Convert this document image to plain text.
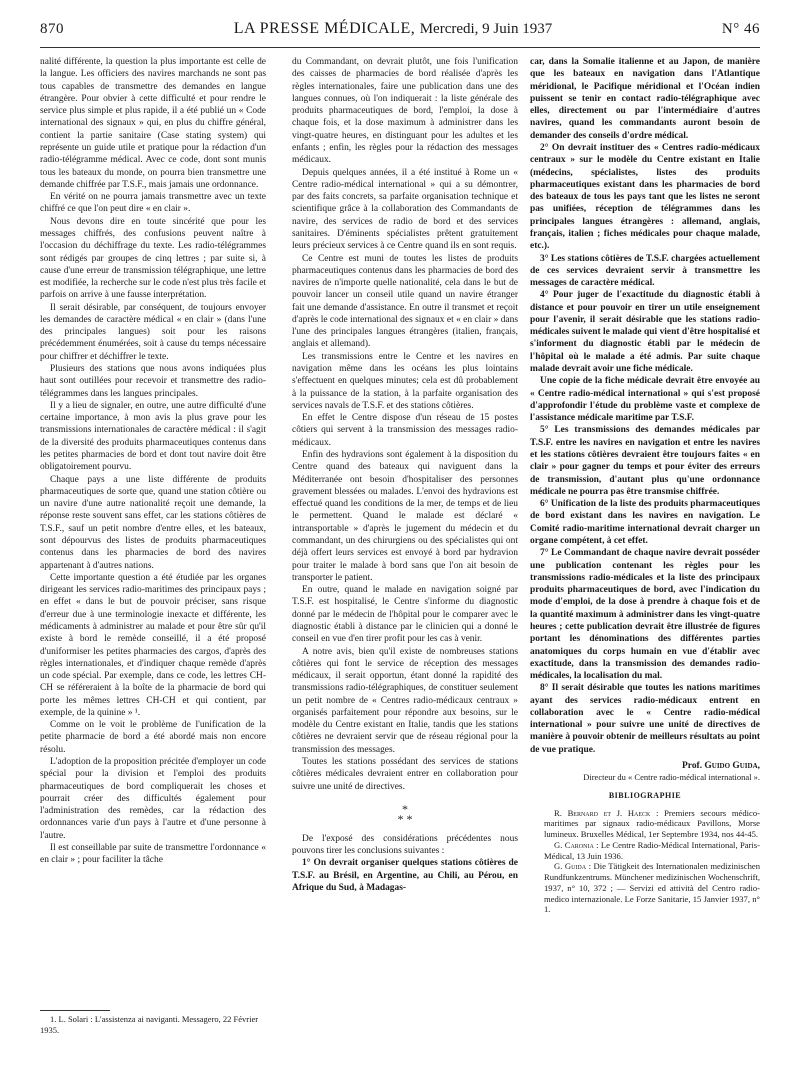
870	LA PRESSE MÉDICALE, Mercredi, 9 Juin 1937	N° 46

nalité différente, la question la plus importante est celle de la langue. Les officiers des navires marchands ne sont pas tous capables de transmettre des demandes en langue étrangère. Pour obvier à cette difficulté et pour rendre le service plus simple et plus rapide, il a été publié un « Code international des signaux » qui, en plus du chiffre général, contient la partie sanitaire (Case stating system) qui représente un guide utile et pratique pour la rédaction d'un radio-télégramme médical. Avec ce code, dont sont munis tous les bateaux du monde, on pourra bien transmettre une demande chiffrée par T.S.F., mais jamais une ordonnance.

En vérité on ne pourra jamais transmettre avec un texte chiffré ce que l'on peut dire « en clair ».

Nous devons dire en toute sincérité que pour les messages chiffrés, des confusions peuvent naître à l'occasion du déchiffrage du texte. Les radio-télégrammes sont rédigés par groupes de cinq lettres ; par suite si, à cause d'une erreur de transmission télégraphique, une lettre est modifiée, la recherche sur le code n'est plus très facile et parfois on arrive à une fausse interprétation.

Il serait désirable, par conséquent, de toujours envoyer les demandes de caractère médical « en clair » (dans l'une des principales langues) soit pour les raisons précédemment énumérées, soit à cause du temps nécessaire pour chiffrer et déchiffrer le texte.

Plusieurs des stations que nous avons indiquées plus haut sont outillées pour recevoir et transmettre des radio-télégrammes dans les langues principales.

Il y a lieu de signaler, en outre, une autre difficulté d'une certaine importance, à mon avis la plus grave pour les transmissions internationales de caractère médical : il s'agit de la diversité des produits pharmaceutiques contenus dans les petites pharmacies de bord et dont tout navire doit être obligatoirement pourvu.

Chaque pays a une liste différente de produits pharmaceutiques de sorte que, quand une station côtière ou un navire d'une autre nationalité reçoit une demande, la réponse reste souvent sans effet, car les stations côtières de T.S.F., sauf un petit nombre d'entre elles, et les bateaux, sont dépourvus des listes de produits pharmaceutiques contenus dans les pharmacies de bord des navires appartenant à d'autres nations.

Cette importante question a été étudiée par les organes dirigeant les services radio-maritimes des principaux pays ; en effet « dans le but de pouvoir préciser, sans risque d'erreur due à une terminologie inexacte et différente, les médicaments à administrer au malade et pour être sûr qu'il existe à bord le remède conseillé, il a été proposé d'uniformiser les petites pharmacies des cargos, d'après des règles internationales, et d'indiquer chaque remède d'après un code spécial. Par exemple, dans ce code, les lettres CH-CH se référeraient à la boîte de la pharmacie de bord qui porte les mêmes lettres CH-CH et qui contient, par exemple, de la quinine » ¹.

Comme on le voit le problème de l'unification de la petite pharmacie de bord a été abordé mais non encore résolu.

L'adoption de la proposition précitée d'employer un code spécial pour la division et l'emploi des produits pharmaceutiques de bord compliquerait les choses et pourrait créer des difficultés également pour l'administration des remèdes, car la rédaction des ordonnances varie d'un pays à l'autre et d'une personne à l'autre.

Il est conseillable par suite de transmettre l'ordonnance « en clair » ; pour faciliter la tâche

1. L. Solari : L'assistenza ai naviganti. Messagero, 22 Février 1935.

du Commandant, on devrait plutôt, une fois l'unification des caisses de pharmacies de bord réalisée d'après les règles internationales, faire une publication dans une des langues connues, où l'on indiquerait : la liste générale des produits pharmaceutiques de bord, l'emploi, la dose à chaque fois, et la dose maximum à administrer dans les vingt-quatre heures, en distinguant pour les adultes et les enfants ; enfin, les règles pour la rédaction des messages médicaux.

Depuis quelques années, il a été institué à Rome un « Centre radio-médical international » qui a su démontrer, par des faits concrets, sa parfaite organisation technique et scientifique grâce à la collaboration des Commandants de navire, des services de radio de bord et des services sanitaires. D'éminents spécialistes prêtent gratuitement leurs précieux services à ce Centre quand ils en sont requis.

Ce Centre est muni de toutes les listes de produits pharmaceutiques contenus dans les pharmacies de bord des navires de n'importe quelle nationalité, cela dans le but de pouvoir lancer un conseil utile quand un navire étranger fait une demande d'assistance. En outre il transmet et reçoit d'après le code international des signaux et « en clair » dans l'une des principales langues étrangères (italien, français, anglais et allemand).

Les transmissions entre le Centre et les navires en navigation même dans les océans les plus lointains s'effectuent en quelques minutes; cela est dû probablement à la puissance de la station, à la parfaite organisation des services navals de T.S.F. et des stations côtières.

En effet le Centre dispose d'un réseau de 15 postes côtiers qui servent à la transmission des messages radio-médicaux.

Enfin des hydravions sont également à la disposition du Centre quand des bateaux qui naviguent dans la Méditerranée ont besoin d'hospitaliser des personnes gravement blessées ou malades. L'envoi des hydravions est effectué quand les conditions de la mer, de temps et de lieu le permettent. Quand le malade est déclaré « intransportable » d'après le jugement du médecin et du commandant, un des chirurgiens ou des spécialistes qui ont déjà offert leurs services est envoyé à bord par hydravion pour traiter le malade à bord sans que l'on ait besoin de transporter le patient.

En outre, quand le malade en navigation soigné par T.S.F. est hospitalisé, le Centre s'informe du diagnostic donné par le médecin de l'hôpital pour le comparer avec le diagnostic établi à distance par le clinicien qui a donné le conseil en vue d'en tirer profit pour les cas à venir.

A notre avis, bien qu'il existe de nombreuses stations côtières qui font le service de réception des messages médicaux, il serait opportun, étant donné la rapidité des transmissions radio-télégraphiques, de constituer seulement un petit nombre de « Centres radio-médicaux centraux » organisés parfaitement pour répondre aux besoins, sur le modèle du Centre existant en Italie, tandis que les stations côtières ne devraient servir que de réseau régional pour la transmission des messages.

Toutes les stations possédant des services de stations côtières médicales devraient entrer en collaboration pour suivre une unité de directives.

*
* *

De l'exposé des considérations précédentes nous pouvons tirer les conclusions suivantes :

1° On devrait organiser quelques stations côtières de T.S.F. au Brésil, en Argentine, au Chili, au Pérou, en Afrique du Sud, à Madagas-

car, dans la Somalie italienne et au Japon, de manière que les bateaux en navigation dans l'Atlantique méridional, le Pacifique méridional et l'Océan indien puissent se tenir en contact radio-télégraphique avec elles, directement ou par l'intermédiaire d'autres navires, quand les commandants auront besoin de demander des conseils d'ordre médical.

2° On devrait instituer des « Centres radio-médicaux centraux » sur le modèle du Centre existant en Italie (médecins, spécialistes, listes des produits pharmaceutiques existant dans les pharmacies de bord des bateaux de tous les pays tant que les listes ne seront pas unifiées, réception de télégrammes dans les principales langues étrangères : allemand, anglais, français, italien ; fiches médicales pour chaque malade, etc.).

3° Les stations côtières de T.S.F. chargées actuellement de ces services devraient servir à transmettre les messages de caractère médical.

4° Pour juger de l'exactitude du diagnostic établi à distance et pour pouvoir en tirer un utile enseignement pour l'avenir, il serait désirable que les stations radio-médicales suivent le malade qui vient d'être hospitalisé et s'informent du diagnostic établi par le médecin de l'hôpital où le malade a été admis. Par suite chaque malade devrait avoir une fiche médicale.

Une copie de la fiche médicale devrait être envoyée au « Centre radio-médical international » qui s'est proposé d'approfondir l'étude du problème vaste et complexe de l'assistance médicale maritime par T.S.F.

5° Les transmissions des demandes médicales par T.S.F. entre les navires en navigation et entre les navires et les stations côtières devraient être toujours faites « en clair » pour gagner du temps et pour éviter des erreurs de transmission, d'autant plus qu'une ordonnance médicale ne pourra pas être transmise chiffrée.

6° Unification de la liste des produits pharmaceutiques de bord existant dans les navires en navigation. Le Comité radio-maritime international devrait charger un organe compétent, à cet effet.

7° Le Commandant de chaque navire devrait posséder une publication contenant les règles pour les transmissions radio-médicales et la liste des principaux produits pharmaceutiques de bord, avec l'indication du mode d'emploi, de la dose à prendre à chaque fois et de la quantité maximum à administrer dans les vingt-quatre heures ; cette publication devrait être illustrée de figures portant les dénominations des différentes parties anatomiques du corps humain en vue d'établir avec exactitude, dans la transmission des demandes radio-médicales, la localisation du mal.

8° Il serait désirable que toutes les nations maritimes ayant des services radio-médicaux entrent en collaboration avec le « Centre radio-médical international » pour suivre une unité de directives de manière à pouvoir obtenir de meilleurs résultats au point de vue pratique.

Prof. Guido Guida,
Directeur du « Centre radio-médical international ».
BIBLIOGRAPHIE

R. Bernard et J. Haeck : Premiers secours médico-maritimes par signaux radio-médicaux Pavillons, Morse lumineux. Bruxelles Médical, 1er Septembre 1934, nos 44-45.

G. Caronia : Le Centre Radio-Médical International, Paris-Médical, 13 Juin 1936.

G. Guida : Die Tätigkeit des Internationalen medizinischen Rundfunkzentrums. Münchener medizinischen Wochenschrift, 1937, n° 10, 372 ; — Servizi ed attività del Centro radio-medico internazionale. Le Forze Sanitarie, 15 Janvier 1937, n° 1.
